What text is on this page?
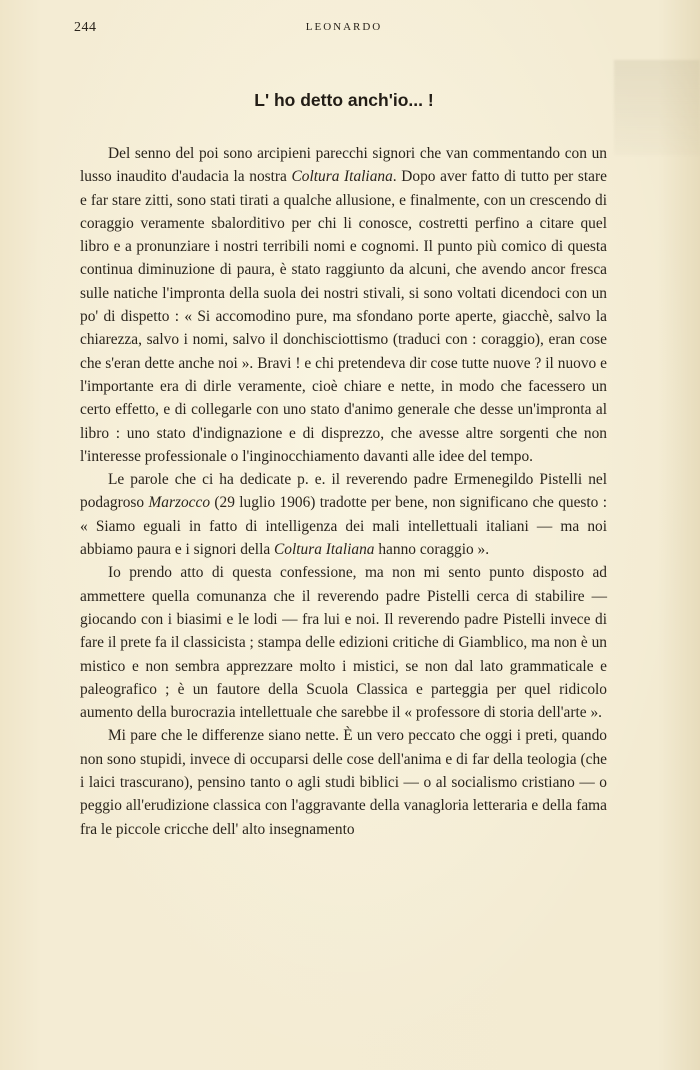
244	LEONARDO
L' ho detto anch'io... !

Del senno del poi sono arcipieni parecchi signori che van commentando con un lusso inaudito d'audacia la nostra Coltura Italiana. Dopo aver fatto di tutto per stare e far stare zitti, sono stati tirati a qualche allusione, e finalmente, con un crescendo di coraggio veramente sbalorditivo per chi li conosce, costretti perfino a citare quel libro e a pronunziare i nostri terribili nomi e cognomi. Il punto più comico di questa continua diminuzione di paura, è stato raggiunto da alcuni, che avendo ancor fresca sulle natiche l'impronta della suola dei nostri stivali, si sono voltati dicendoci con un po' di dispetto : « Si accomodino pure, ma sfondano porte aperte, giacchè, salvo la chiarezza, salvo i nomi, salvo il donchisciottismo (traduci con : coraggio), eran cose che s'eran dette anche noi ». Bravi ! e chi pretendeva dir cose tutte nuove ? il nuovo e l'importante era di dirle veramente, cioè chiare e nette, in modo che facessero un certo effetto, e di collegarle con uno stato d'animo generale che desse un'impronta al libro : uno stato d'indignazione e di disprezzo, che avesse altre sorgenti che non l'interesse professionale o l'inginocchiamento davanti alle idee del tempo.

Le parole che ci ha dedicate p. e. il reverendo padre Ermenegildo Pistelli nel podagroso Marzocco (29 luglio 1906) tradotte per bene, non significano che questo : « Siamo eguali in fatto di intelligenza dei mali intellettuali italiani — ma noi abbiamo paura e i signori della Coltura Italiana hanno coraggio ».

Io prendo atto di questa confessione, ma non mi sento punto disposto ad ammettere quella comunanza che il reverendo padre Pistelli cerca di stabilire — giocando con i biasimi e le lodi — fra lui e noi. Il reverendo padre Pistelli invece di fare il prete fa il classicista ; stampa delle edizioni critiche di Giamblico, ma non è un mistico e non sembra apprezzare molto i mistici, se non dal lato grammaticale e paleografico ; è un fautore della Scuola Classica e parteggia per quel ridicolo aumento della burocrazia intellettuale che sarebbe il « professore di storia dell'arte ».

Mi pare che le differenze siano nette. È un vero peccato che oggi i preti, quando non sono stupidi, invece di occuparsi delle cose dell'anima e di far della teologia (che i laici trascurano), pensino tanto o agli studi biblici — o al socialismo cristiano — o peggio all'erudizione classica con l'aggravante della vanagloria letteraria e della fama fra le piccole cricche dell' alto insegnamento
